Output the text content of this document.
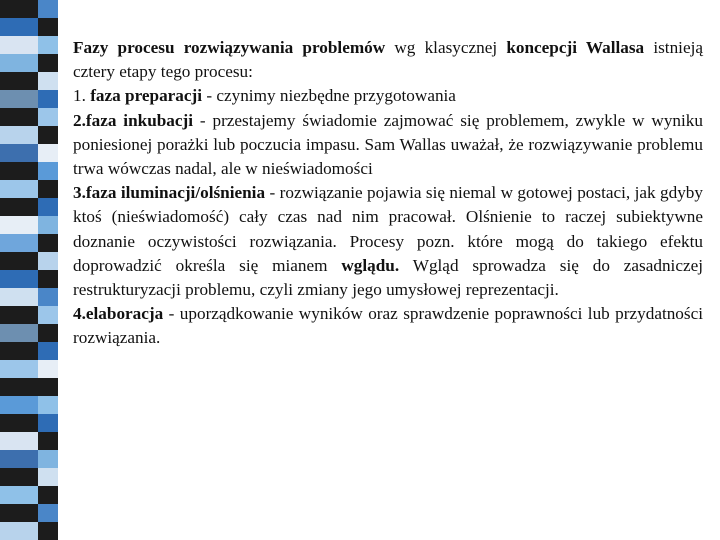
Fazy procesu rozwiązywania problemów wg klasycznej koncepcji Wallasa istnieją cztery etapy tego procesu:

1. faza preparacji - czynimy niezbędne przygotowania

2.faza inkubacji - przestajemy świadomie zajmować się problemem, zwykle w wyniku poniesionej porażki lub poczucia impasu. Sam Wallas uważał, że rozwiązywanie problemu trwa wówczas nadal, ale w nieświadomości

3.faza iluminacji/olśnienia - rozwiązanie pojawia się niemal w gotowej postaci, jak gdyby ktoś (nieświadomość) cały czas nad nim pracował. Olśnienie to raczej subiektywne doznanie oczywistości rozwiązania. Procesy pozn. które mogą do takiego efektu doprowadzić określa się mianem wglądu. Wgląd sprowadza się do zasadniczej restrukturyzacji problemu, czyli zmiany jego umysłowej reprezentacji.

4.elaboracja - uporządkowanie wyników oraz sprawdzenie poprawności lub przydatności rozwiązania.
